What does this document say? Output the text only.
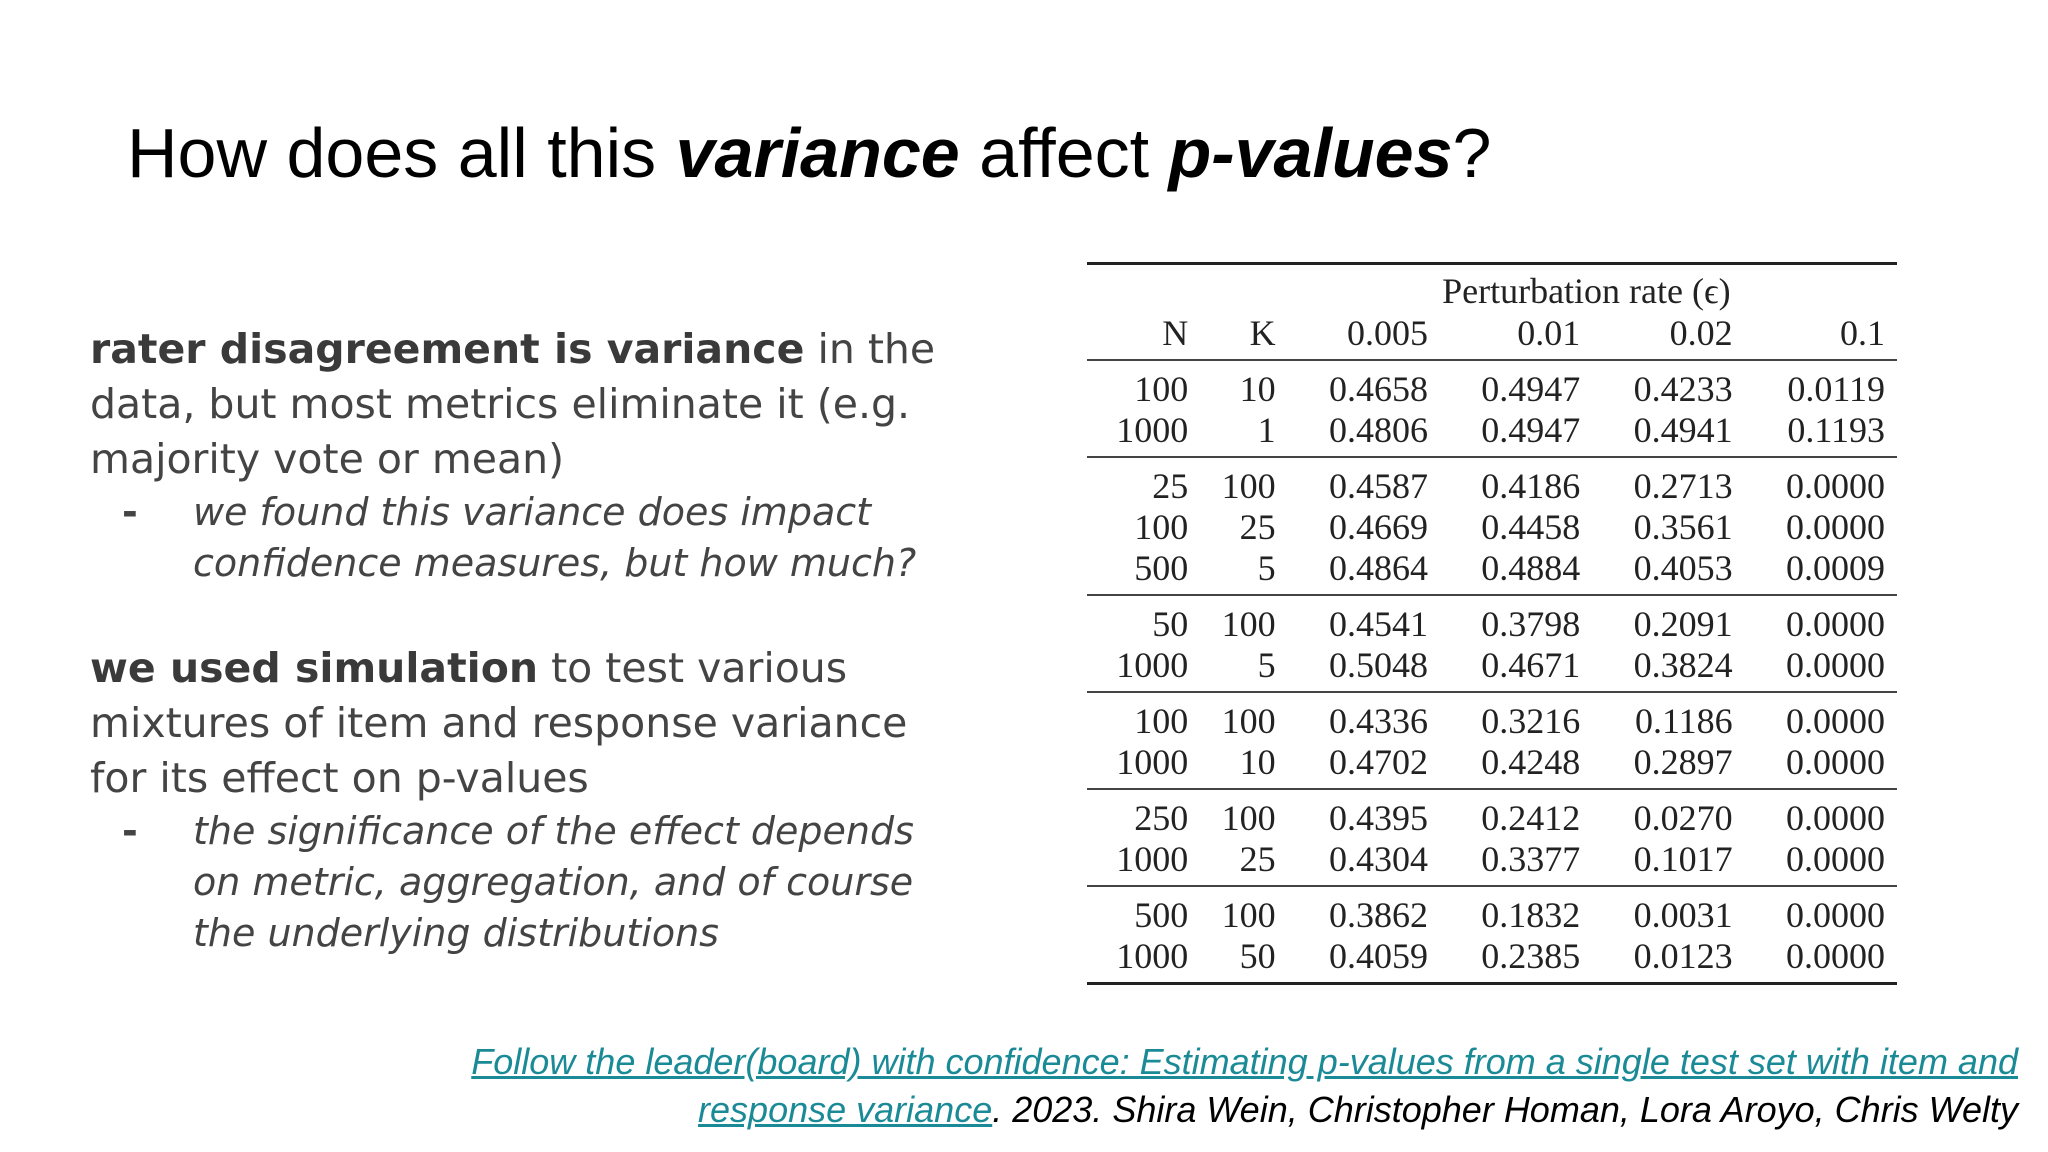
How does all this variance affect p-values?

rater disagreement is variance in the data, but most metrics eliminate it (e.g. majority vote or mean)

- we found this variance does impact confidence measures, but how much?

we used simulation to test various mixtures of item and response variance for its effect on p-values

- the significance of the effect depends on metric, aggregation, and of course the underlying distributions

		Perturbation rate (ϵ)			
N	K	0.005	0.01	0.02	0.1
100	10	0.4658	0.4947	0.4233	0.0119
1000	1	0.4806	0.4947	0.4941	0.1193
25	100	0.4587	0.4186	0.2713	0.0000
100	25	0.4669	0.4458	0.3561	0.0000
500	5	0.4864	0.4884	0.4053	0.0009
50	100	0.4541	0.3798	0.2091	0.0000
1000	5	0.5048	0.4671	0.3824	0.0000
100	100	0.4336	0.3216	0.1186	0.0000
1000	10	0.4702	0.4248	0.2897	0.0000
250	100	0.4395	0.2412	0.0270	0.0000
1000	25	0.4304	0.3377	0.1017	0.0000
500	100	0.3862	0.1832	0.0031	0.0000
1000	50	0.4059	0.2385	0.0123	0.0000
Follow the leader(board) with confidence: Estimating p-values from a single test set with item and
response variance. 2023. Shira Wein, Christopher Homan, Lora Aroyo, Chris Welty
